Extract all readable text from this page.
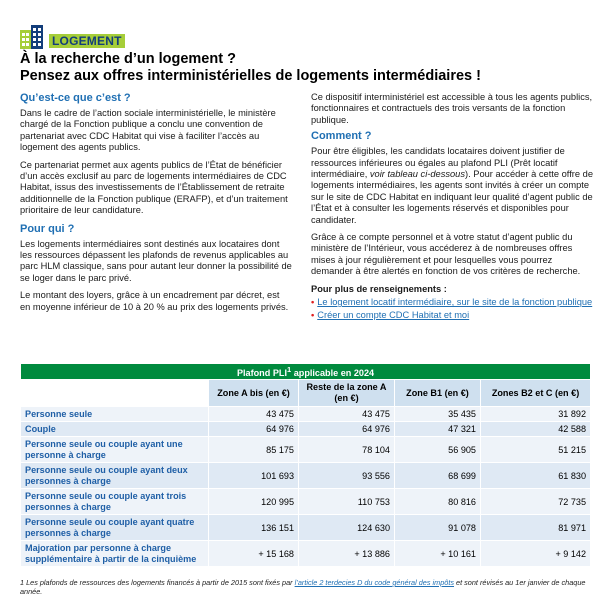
LOGEMENT
À la recherche d’un logement ?
Pensez aux offres interministérielles de logements intermédiaires !
Qu’est-ce que c’est ?

Dans le cadre de l’action sociale interministérielle, le ministère chargé de la Fonction publique a conclu une convention de partenariat avec CDC Habitat qui vise à faciliter l’accès au logement des agents publics.

Ce partenariat permet aux agents publics de l’État de bénéficier d’un accès exclusif au parc de logements intermédiaires de CDC Habitat, issus des investissements de l’Établissement de retraite additionnelle de la Fonction publique (ERAFP), et d’un traitement prioritaire de leur candidature.

Pour qui ?

Les logements intermédiaires sont destinés aux locataires dont les ressources dépassent les plafonds de revenus applicables au parc HLM classique, sans pour autant leur donner la possibilité de se loger dans le parc privé.

Le montant des loyers, grâce à un encadrement par décret, est en moyenne inférieur de 10 à 20 % au prix des logements privés.

Ce dispositif interministériel est accessible à tous les agents publics, fonctionnaires et contractuels des trois versants de la fonction publique.

Comment ?

Pour être éligibles, les candidats locataires doivent justifier de ressources inférieures ou égales au plafond PLI (Prêt locatif intermédiaire, voir tableau ci-dessous). Pour accéder à cette offre de logements intermédiaires, les agents sont invités à créer un compte sur le site de CDC Habitat en indiquant leur qualité d’agent public de l’État et à consulter les logements réservés et disponibles pour candidater.

Grâce à ce compte personnel et à votre statut d’agent public du ministère de l’Intérieur, vous accéderez à de nombreuses offres mises à jour régulièrement et pour lesquelles vous pourrez demander à être alertés en fonction de vos critères de recherche.

Pour plus de renseignements :
• Le logement locatif intermédiaire, sur le site de la fonction publique
• Créer un compte CDC Habitat et moi
Plafond PLI$^1$ applicable en 2024				
	Zone A bis (en €)	Reste de la zone A (en €)	Zone B1 (en €)	Zones B2 et C (en €)
Personne seule	43 475	43 475	35 435	31 892
Couple	64 976	64 976	47 321	42 588
Personne seule ou couple ayant une personne à charge	85 175	78 104	56 905	51 215
Personne seule ou couple ayant deux personnes à charge	101 693	93 556	68 699	61 830
Personne seule ou couple ayant trois personnes à charge	120 995	110 753	80 816	72 735
Personne seule ou couple ayant quatre personnes à charge	136 151	124 630	91 078	81 971
Majoration par personne à charge supplémentaire à partir de la cinquième	+ 15 168	+ 13 886	+ 10 161	+ 9 142
1 Les plafonds de ressources des logements financés à partir de 2015 sont fixés par l’article 2 terdecies D du code général des impôts et sont révisés au 1er janvier de chaque année.
